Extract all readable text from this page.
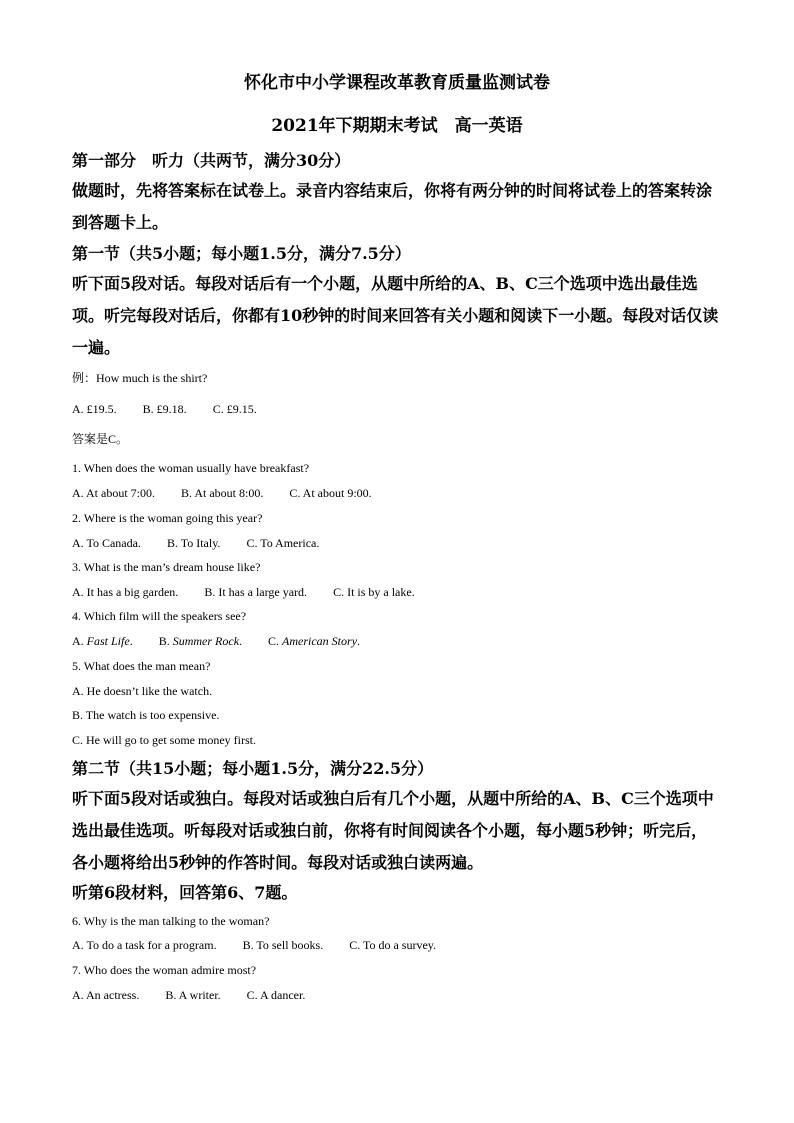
怀化市中小学课程改革教育质量监测试卷
2021年下期期末考试　高一英语
第一部分　听力（共两节，满分30分）
做题时，先将答案标在试卷上。录音内容结束后，你将有两分钟的时间将试卷上的答案转涂到答题卡上。
第一节（共5小题；每小题1.5分，满分7.5分）
听下面5段对话。每段对话后有一个小题，从题中所给的A、B、C三个选项中选出最佳选项。听完每段对话后，你都有10秒钟的时间来回答有关小题和阅读下一小题。每段对话仅读一遍。
例：How much is the shirt?
A. £19.5. B. £9.18. C. £9.15.
答案是C。
1. When does the woman usually have breakfast?
A. At about 7:00. B. At about 8:00. C. At about 9:00.
2. Where is the woman going this year?
A. To Canada. B. To Italy. C. To America.
3. What is the man’s dream house like?
A. It has a big garden. B. It has a large yard. C. It is by a lake.
4. Which film will the speakers see?
A. Fast Life. B. Summer Rock. C. American Story.
5. What does the man mean?
A. He doesn’t like the watch.
B. The watch is too expensive.
C. He will go to get some money first.
第二节（共15小题；每小题1.5分，满分22.5分）
听下面5段对话或独白。每段对话或独白后有几个小题，从题中所给的A、B、C三个选项中选出最佳选项。听每段对话或独白前，你将有时间阅读各个小题，每小题5秒钟；听完后，各小题将给出5秒钟的作答时间。每段对话或独白读两遍。
听第6段材料，回答第6、7题。
6. Why is the man talking to the woman?
A. To do a task for a program. B. To sell books. C. To do a survey.
7. Who does the woman admire most?
A. An actress. B. A writer. C. A dancer.
